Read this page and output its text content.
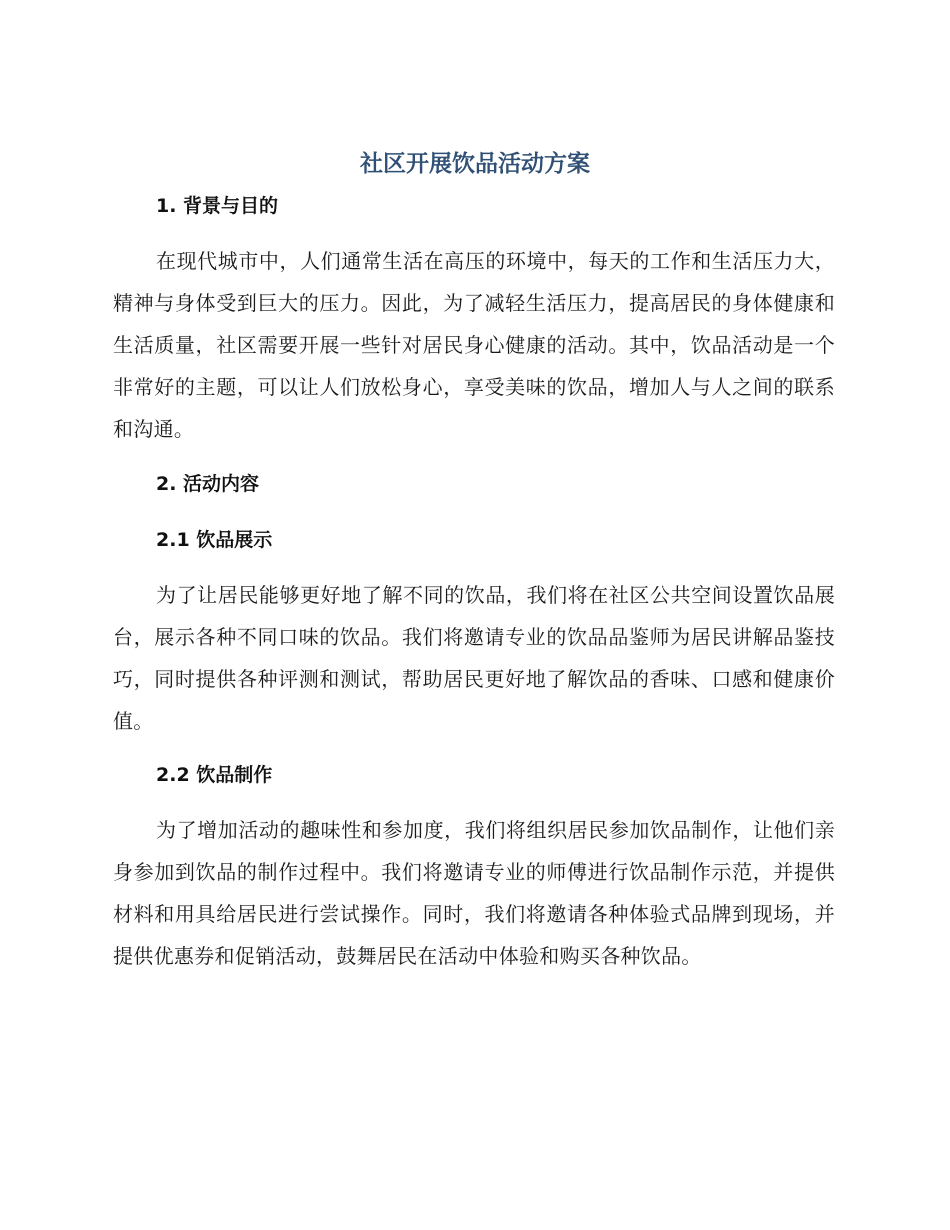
社区开展饮品活动方案
1. 背景与目的

在现代城市中，人们通常生活在高压的环境中，每天的工作和生活压力大，精神与身体受到巨大的压力。因此，为了减轻生活压力，提高居民的身体健康和生活质量，社区需要开展一些针对居民身心健康的活动。其中，饮品活动是一个非常好的主题，可以让人们放松身心，享受美味的饮品，增加人与人之间的联系和沟通。

2. 活动内容
2.1 饮品展示

为了让居民能够更好地了解不同的饮品，我们将在社区公共空间设置饮品展台，展示各种不同口味的饮品。我们将邀请专业的饮品品鉴师为居民讲解品鉴技巧，同时提供各种评测和测试，帮助居民更好地了解饮品的香味、口感和健康价值。

2.2 饮品制作

为了增加活动的趣味性和参加度，我们将组织居民参加饮品制作，让他们亲身参加到饮品的制作过程中。我们将邀请专业的师傅进行饮品制作示范，并提供材料和用具给居民进行尝试操作。同时，我们将邀请各种体验式品牌到现场，并提供优惠券和促销活动，鼓舞居民在活动中体验和购买各种饮品。
